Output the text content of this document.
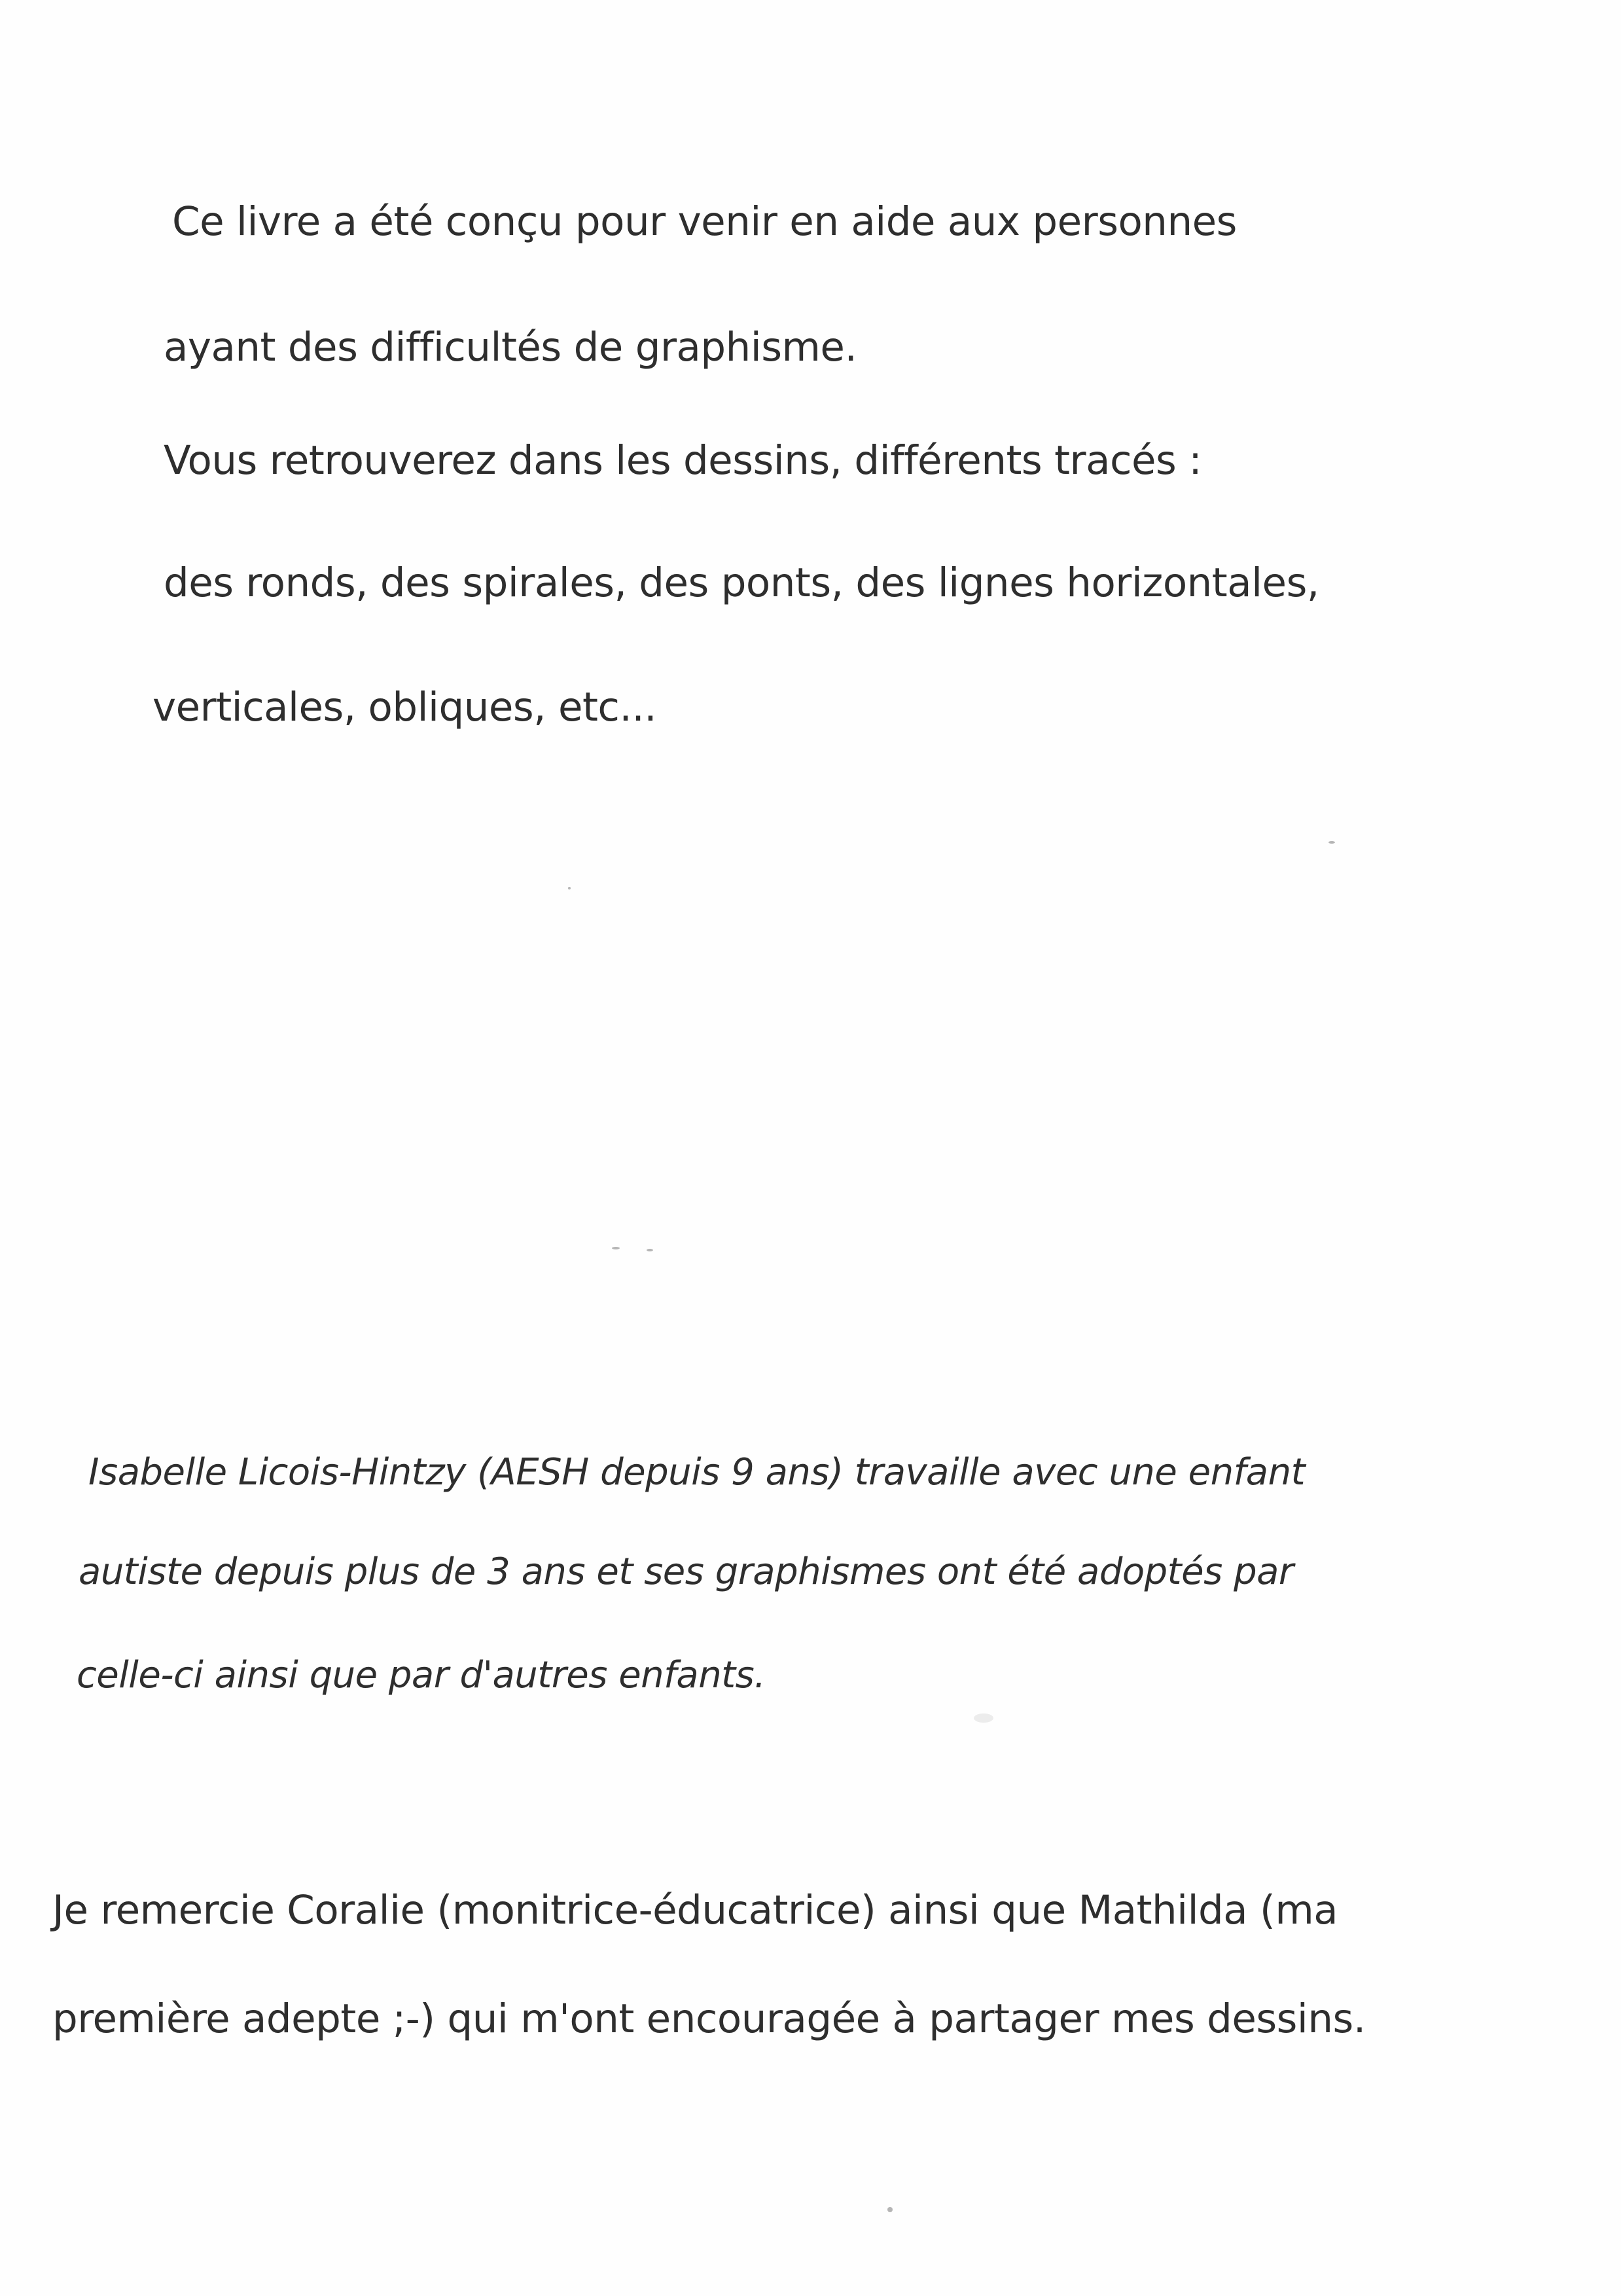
Ce livre a été conçu pour venir en aide aux personnes
ayant des difficultés de graphisme.
Vous retrouverez dans les dessins, différents tracés :
des ronds, des spirales, des ponts, des lignes horizontales,
verticales, obliques, etc...
Isabelle Licois-Hintzy (AESH depuis 9 ans) travaille avec une enfant
autiste depuis plus de 3 ans et ses graphismes ont été adoptés par
celle-ci ainsi que par d'autres enfants.
Je remercie Coralie (monitrice-éducatrice) ainsi que Mathilda (ma
première adepte ;-) qui m'ont encouragée à partager mes dessins.
